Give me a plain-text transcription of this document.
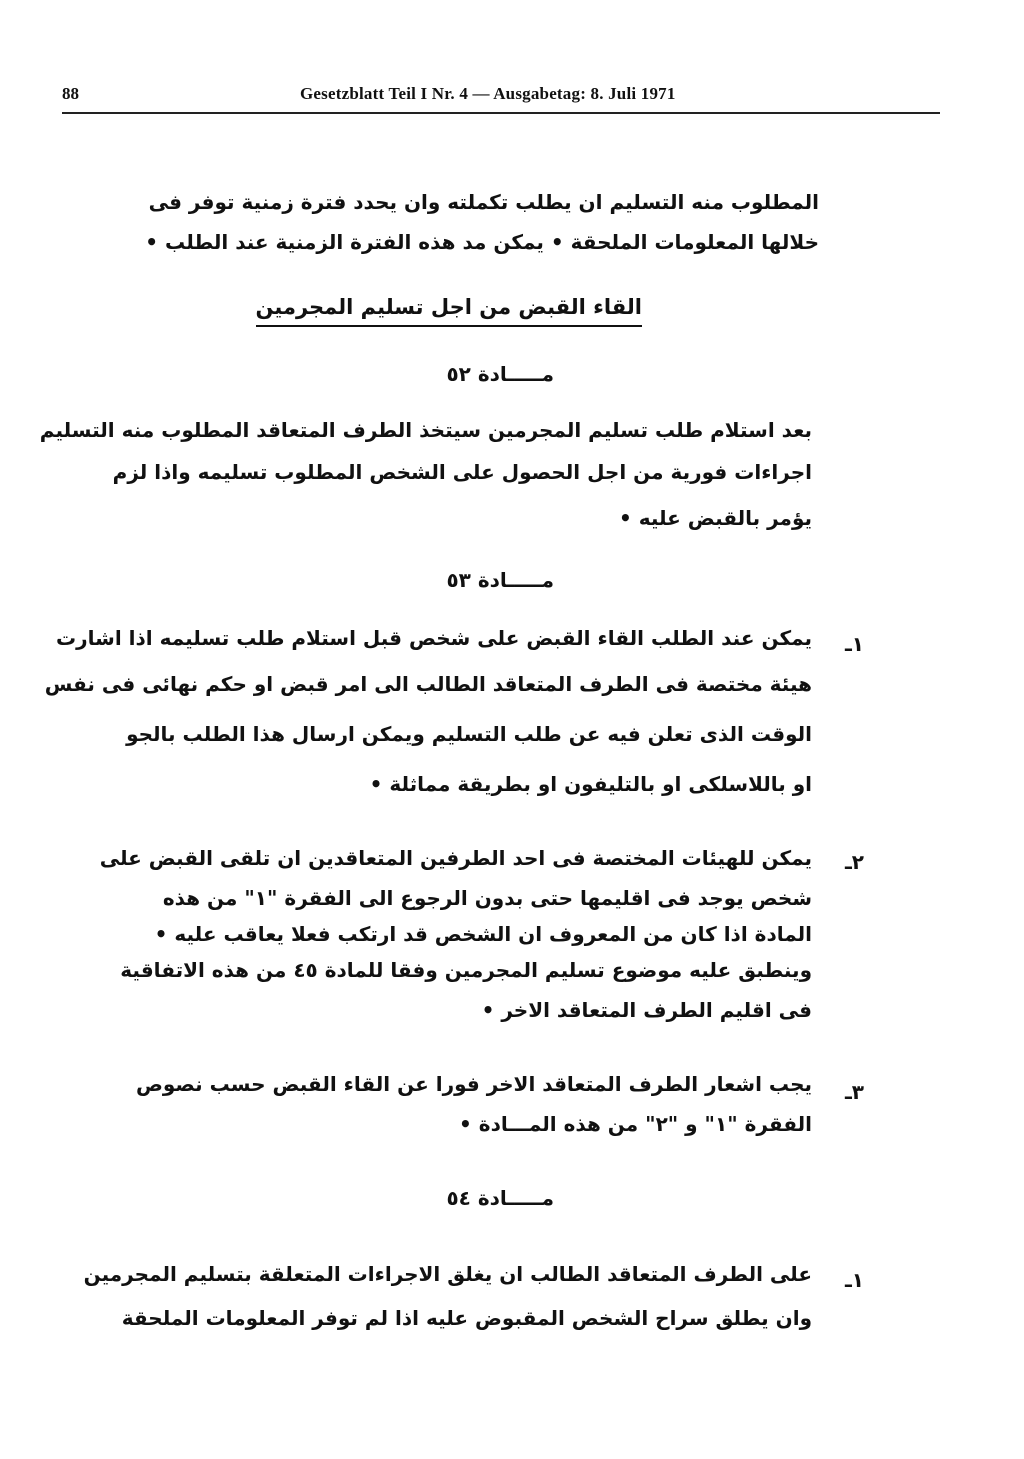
88	Gesetzblatt Teil I Nr. 4 — Ausgabetag: 8. Juli 1971

المطلوب منه التسليم ان يطلب تكملته وان يحدد فترة زمنية توفر فى

خلالها المعلومات الملحقة • يمكن مد هذه الفترة الزمنية عند الطلب •

القاء القبض من اجل تسليم المجرمين
مـــــادة ٥٢

بعد استلام طلب تسليم المجرمين سيتخذ الطرف المتعاقد المطلوب منه التسليم

اجراءات فورية من اجل الحصول على الشخص المطلوب تسليمه واذا لزم

يؤمر بالقبض عليه •

مـــــادة ٥٣
١ـ

يمكن عند الطلب القاء القبض على شخص قبل استلام طلب تسليمه اذا اشارت

هيئة مختصة فى الطرف المتعاقد الطالب الى امر قبض او حكم نهائى فى نفس

الوقت الذى تعلن فيه عن طلب التسليم ويمكن ارسال هذا الطلب بالجو

او باللاسلكى او بالتليفون او بطريقة مماثلة •

٢ـ

يمكن للهيئات المختصة فى احد الطرفين المتعاقدين ان تلقى القبض على

شخص يوجد فى اقليمها حتى بدون الرجوع الى الفقرة "١" من هذه

المادة اذا كان من المعروف ان الشخص قد ارتكب فعلا يعاقب عليه •

وينطبق عليه موضوع تسليم المجرمين وفقا للمادة ٤٥ من هذه الاتفاقية

فى اقليم الطرف المتعاقد الاخر •

٣ـ

يجب اشعار الطرف المتعاقد الاخر فورا عن القاء القبض حسب نصوص

الفقرة "١" و "٢" من هذه المـــادة •

مـــــادة ٥٤
١ـ

على الطرف المتعاقد الطالب ان يغلق الاجراءات المتعلقة بتسليم المجرمين

وان يطلق سراح الشخص المقبوض عليه اذا لم توفر المعلومات الملحقة
